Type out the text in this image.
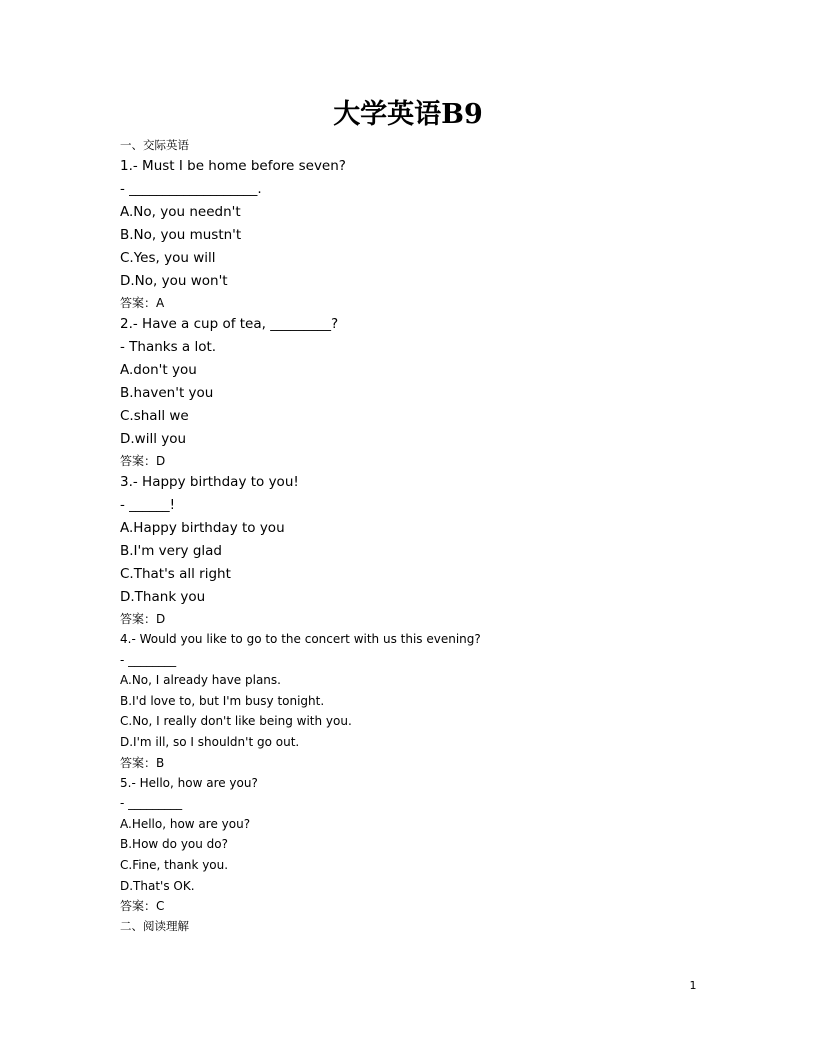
大学英语B9
一、交际英语
1.- Must I be home before seven?
- ___________________.
A.No, you needn't
B.No, you mustn't
C.Yes, you will
D.No, you won't
答案：A
2.- Have a cup of tea, _________?
- Thanks a lot.
A.don't you
B.haven't you
C.shall we
D.will you
答案：D
3.- Happy birthday to you!
- ______!
A.Happy birthday to you
B.I'm very glad
C.That's all right
D.Thank you
答案：D
4.- Would you like to go to the concert with us this evening?
- ________
A.No, I already have plans.
B.I'd love to, but I'm busy tonight.
C.No, I really don't like being with you.
D.I'm ill, so I shouldn't go out.
答案：B
5.- Hello, how are you?
- _________
A.Hello, how are you?
B.How do you do?
C.Fine, thank you.
D.That's OK.
答案：C
二、阅读理解
1
